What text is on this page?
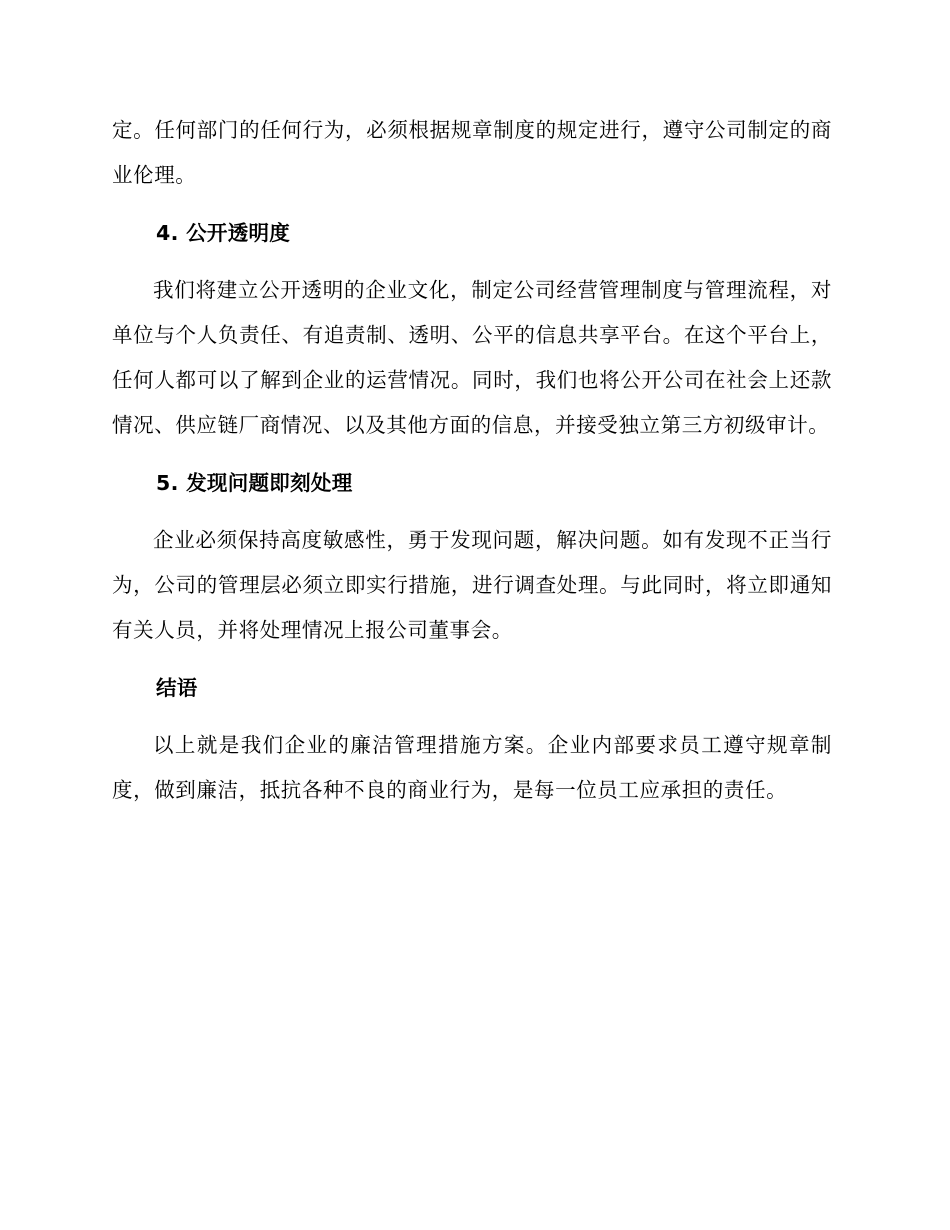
定。任何部门的任何行为，必须根据规章制度的规定进行，遵守公司制定的商业伦理。

4. 公开透明度

我们将建立公开透明的企业文化，制定公司经营管理制度与管理流程，对单位与个人负责任、有追责制、透明、公平的信息共享平台。在这个平台上，任何人都可以了解到企业的运营情况。同时，我们也将公开公司在社会上还款情况、供应链厂商情况、以及其他方面的信息，并接受独立第三方初级审计。

5. 发现问题即刻处理

企业必须保持高度敏感性，勇于发现问题，解决问题。如有发现不正当行为，公司的管理层必须立即实行措施，进行调查处理。与此同时，将立即通知有关人员，并将处理情况上报公司董事会。

结语

以上就是我们企业的廉洁管理措施方案。企业内部要求员工遵守规章制度，做到廉洁，抵抗各种不良的商业行为，是每一位员工应承担的责任。
